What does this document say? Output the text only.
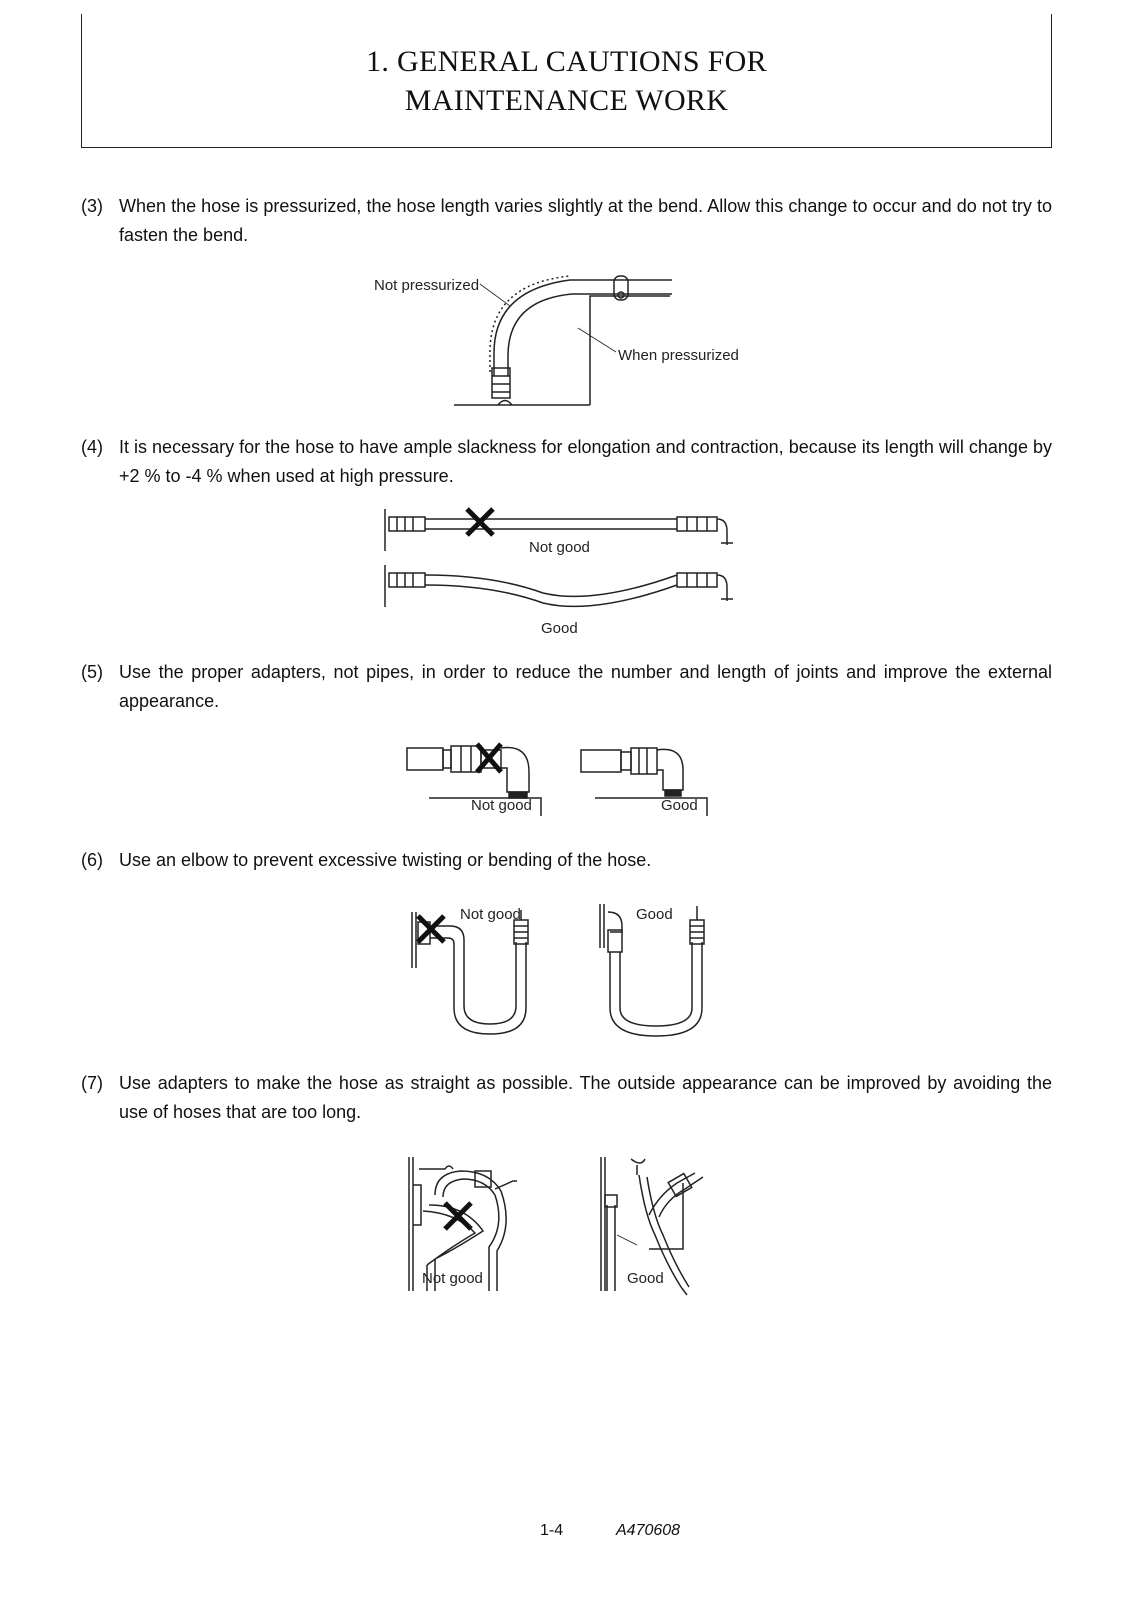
1. GENERAL CAUTIONS FOR
MAINTENANCE WORK
(3) When the hose is pressurized, the hose length varies slightly at the bend. Allow this change to occur and do not try to fasten the bend.
Not pressurized
When pressurized
(4) It is necessary for the hose to have ample slackness for elongation and contraction, because its length will change by +2 % to -4 % when used at high pressure.
Not good
Good
(5) Use the proper adapters, not pipes, in order to reduce the number and length of joints and improve the external appearance.
Not good	Good
(6) Use an elbow to prevent excessive twisting or bending of the hose.
Not good	Good
(7) Use adapters to make the hose as straight as possible. The outside appearance can be improved by avoiding the use of hoses that are too long.
Not good	Good
1-4	A470608
